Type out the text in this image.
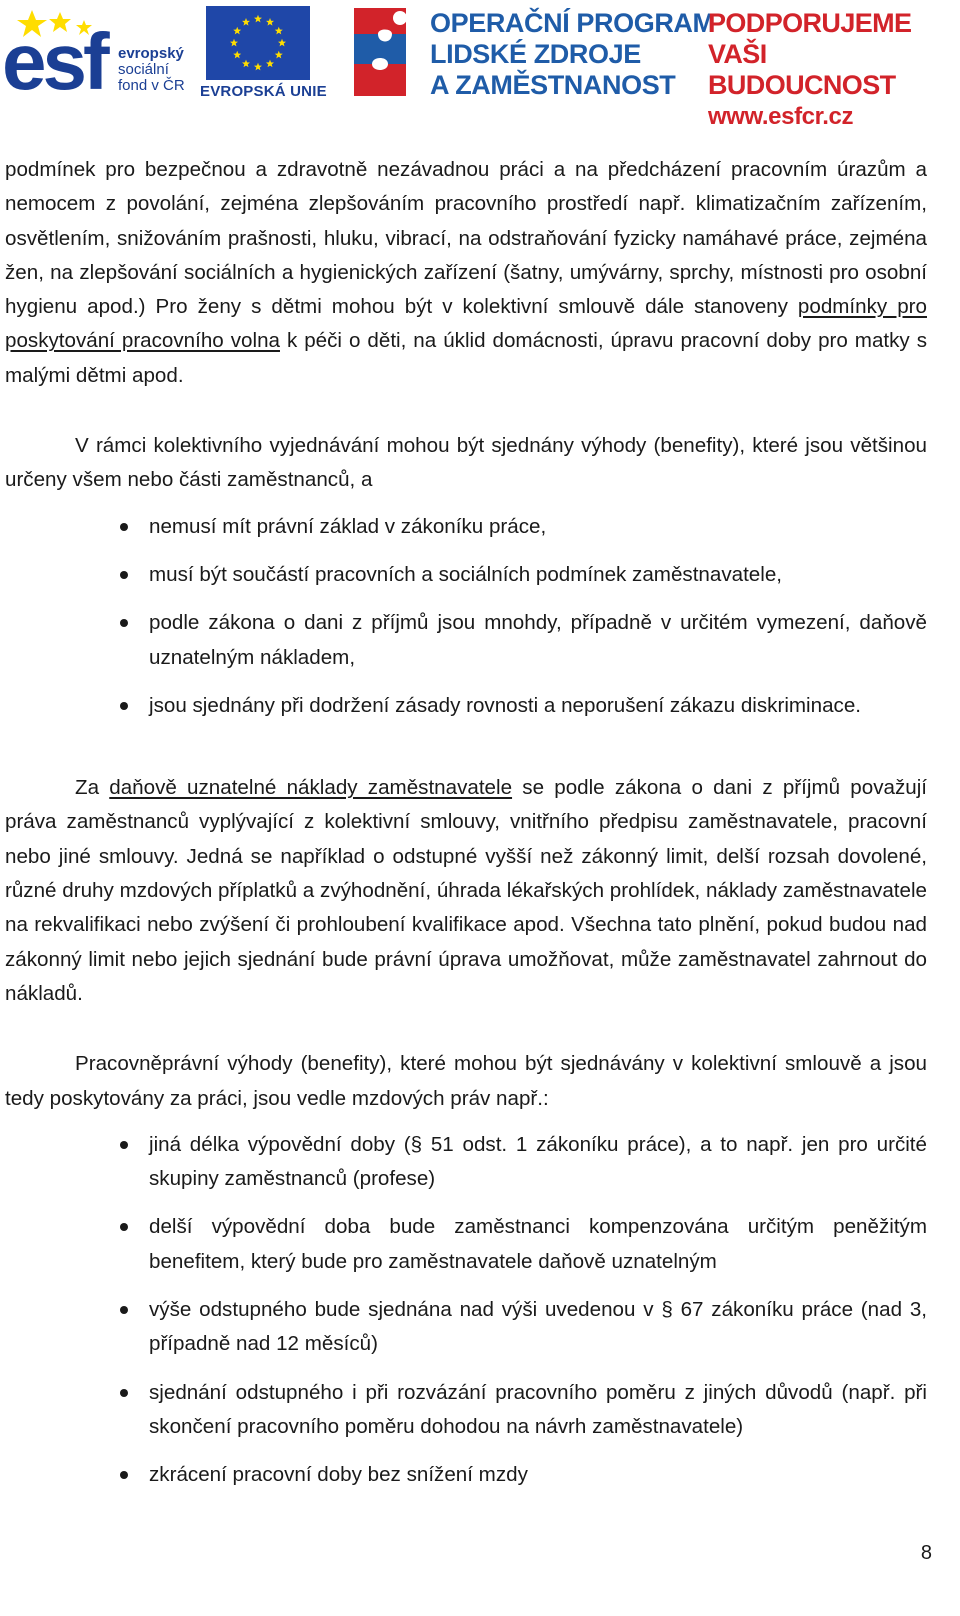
esf evropský
sociální
fond v ČR EVROPSKÁ UNIE
OPERAČNÍ PROGRAM
LIDSKÉ ZDROJE
A ZAMĚSTNANOST
PODPORUJEME
VAŠI BUDOUCNOST
www.esfcr.cz

podmínek pro bezpečnou a zdravotně nezávadnou práci a na předcházení pracovním úrazům a nemocem z povolání, zejména zlepšováním pracovního prostředí např. klimatizačním zařízením, osvětlením, snižováním prašnosti, hluku, vibrací, na odstraňování fyzicky namáhavé práce, zejména žen, na zlepšování sociálních a hygienických zařízení (šatny, umývárny, sprchy, místnosti pro osobní hygienu apod.) Pro ženy s dětmi mohou být v kolektivní smlouvě dále stanoveny podmínky pro poskytování pracovního volna k péči o děti, na úklid domácnosti, úpravu pracovní doby pro matky s malými dětmi apod.

V rámci kolektivního vyjednávání mohou být sjednány výhody (benefity), které jsou většinou určeny všem nebo části zaměstnanců, a

nemusí mít právní základ v zákoníku práce,
musí být součástí pracovních a sociálních podmínek zaměstnavatele,
podle zákona o dani z příjmů jsou mnohdy, případně v určitém vymezení, daňově uznatelným nákladem,
jsou sjednány při dodržení zásady rovnosti a neporušení zákazu diskriminace.

Za daňově uznatelné náklady zaměstnavatele se podle zákona o dani z příjmů považují práva zaměstnanců vyplývající z kolektivní smlouvy, vnitřního předpisu zaměstnavatele, pracovní nebo jiné smlouvy. Jedná se například o odstupné vyšší než zákonný limit, delší rozsah dovolené, různé druhy mzdových příplatků a zvýhodnění, úhrada lékařských prohlídek, náklady zaměstnavatele na rekvalifikaci nebo zvýšení či prohloubení kvalifikace apod. Všechna tato plnění, pokud budou nad zákonný limit nebo jejich sjednání bude právní úprava umožňovat, může zaměstnavatel zahrnout do nákladů.

Pracovněprávní výhody (benefity), které mohou být sjednávány v kolektivní smlouvě a jsou tedy poskytovány za práci, jsou vedle mzdových práv např.:

jiná délka výpovědní doby (§ 51 odst. 1 zákoníku práce), a to např. jen pro určité skupiny zaměstnanců (profese)
delší výpovědní doba bude zaměstnanci kompenzována určitým peněžitým benefitem, který bude pro zaměstnavatele daňově uznatelným
výše odstupného bude sjednána nad výši uvedenou v § 67 zákoníku práce (nad 3, případně nad 12 měsíců)
sjednání odstupného i při rozvázání pracovního poměru z jiných důvodů (např. při skončení pracovního poměru dohodou na návrh zaměstnavatele)
zkrácení pracovní doby bez snížení mzdy
8
